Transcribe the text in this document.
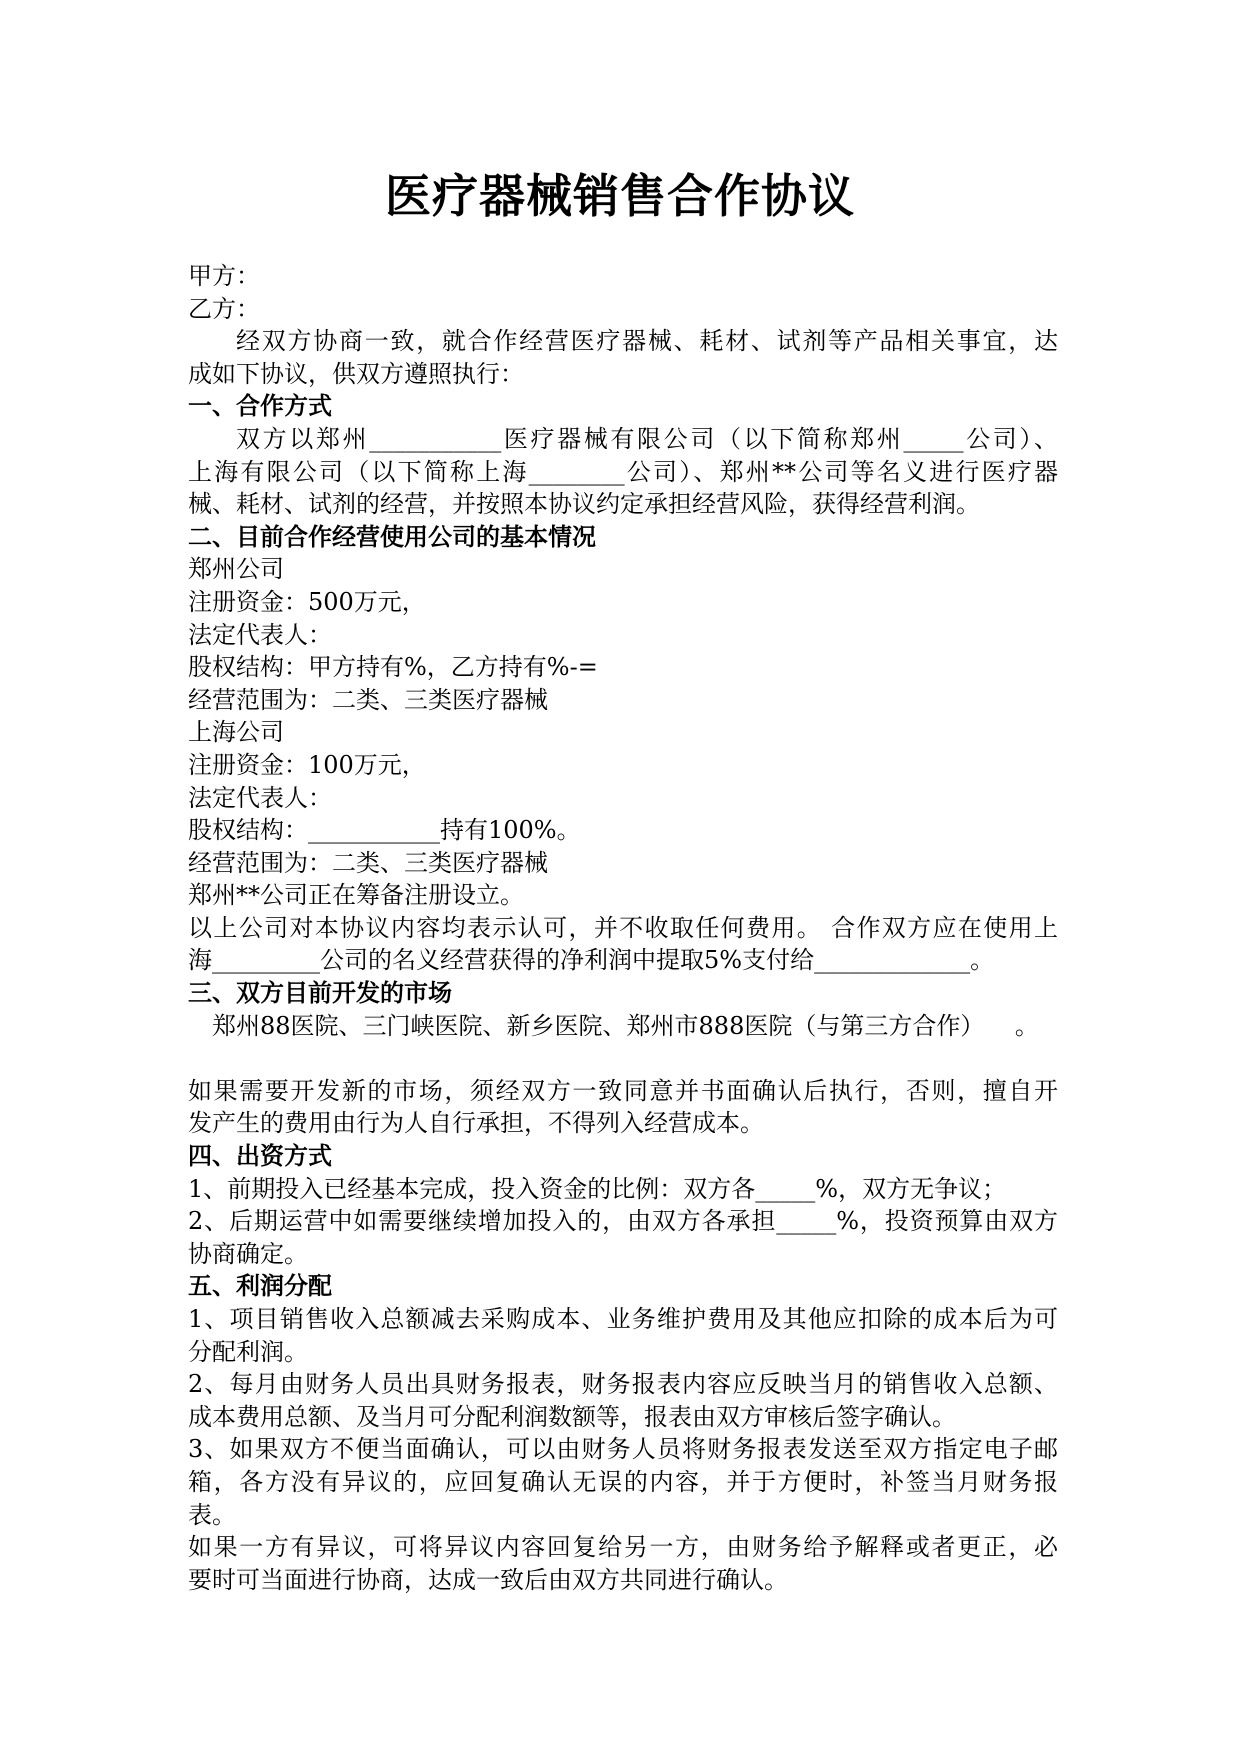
医疗器械销售合作协议
甲方：
乙方：
经双方协商一致，就合作经营医疗器械、耗材、试剂等产品相关事宜，达
成如下协议，供双方遵照执行：
一、合作方式
双方以郑州___________医疗器械有限公司（以下简称郑州_____公司）、
上海有限公司（以下简称上海________公司）、郑州**公司等名义进行医疗器
械、耗材、试剂的经营，并按照本协议约定承担经营风险，获得经营利润。
二、目前合作经营使用公司的基本情况
郑州公司
注册资金：500万元，
法定代表人：
股权结构：甲方持有%，乙方持有%-=
经营范围为：二类、三类医疗器械
上海公司
注册资金：100万元，
法定代表人：
股权结构：___________持有100%。
经营范围为：二类、三类医疗器械
郑州**公司正在筹备注册设立。
以上公司对本协议内容均表示认可，并不收取任何费用。 合作双方应在使用上
海_________公司的名义经营获得的净利润中提取5%支付给_____________。
三、双方目前开发的市场
郑州88医院、三门峡医院、新乡医院、郑州市888医院（与第三方合作）    。
如果需要开发新的市场，须经双方一致同意并书面确认后执行，否则，擅自开
发产生的费用由行为人自行承担，不得列入经营成本。
四、出资方式
1、前期投入已经基本完成，投入资金的比例：双方各_____%，双方无争议；
2、后期运营中如需要继续增加投入的，由双方各承担_____%，投资预算由双方
协商确定。
五、利润分配
1、项目销售收入总额减去采购成本、业务维护费用及其他应扣除的成本后为可
分配利润。
2、每月由财务人员出具财务报表，财务报表内容应反映当月的销售收入总额、
成本费用总额、及当月可分配利润数额等，报表由双方审核后签字确认。
3、如果双方不便当面确认，可以由财务人员将财务报表发送至双方指定电子邮
箱，各方没有异议的，应回复确认无误的内容，并于方便时，补签当月财务报
表。
如果一方有异议，可将异议内容回复给另一方，由财务给予解释或者更正，必
要时可当面进行协商，达成一致后由双方共同进行确认。
